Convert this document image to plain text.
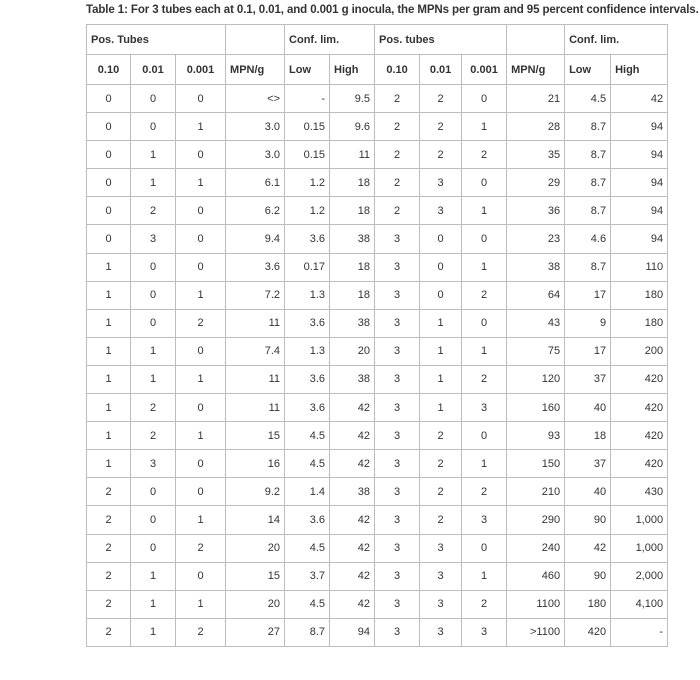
Table 1: For 3 tubes each at 0.1, 0.01, and 0.001 g inocula, the MPNs per gram and 95 percent confidence intervals.
Pos. Tubes				Conf. lim.		Pos. tubes				Conf. lim.	
0.10	0.01	0.001	MPN/g	Low	High	0.10	0.01	0.001	MPN/g	Low	High
0	0	0	<>	-	9.5	2	2	0	21	4.5	42
0	0	1	3.0	0.15	9.6	2	2	1	28	8.7	94
0	1	0	3.0	0.15	11	2	2	2	35	8.7	94
0	1	1	6.1	1.2	18	2	3	0	29	8.7	94
0	2	0	6.2	1.2	18	2	3	1	36	8.7	94
0	3	0	9.4	3.6	38	3	0	0	23	4.6	94
1	0	0	3.6	0.17	18	3	0	1	38	8.7	110
1	0	1	7.2	1.3	18	3	0	2	64	17	180
1	0	2	11	3.6	38	3	1	0	43	9	180
1	1	0	7.4	1.3	20	3	1	1	75	17	200
1	1	1	11	3.6	38	3	1	2	120	37	420
1	2	0	11	3.6	42	3	1	3	160	40	420
1	2	1	15	4.5	42	3	2	0	93	18	420
1	3	0	16	4.5	42	3	2	1	150	37	420
2	0	0	9.2	1.4	38	3	2	2	210	40	430
2	0	1	14	3.6	42	3	2	3	290	90	1,000
2	0	2	20	4.5	42	3	3	0	240	42	1,000
2	1	0	15	3.7	42	3	3	1	460	90	2,000
2	1	1	20	4.5	42	3	3	2	1100	180	4,100
2	1	2	27	8.7	94	3	3	3	>1100	420	-
